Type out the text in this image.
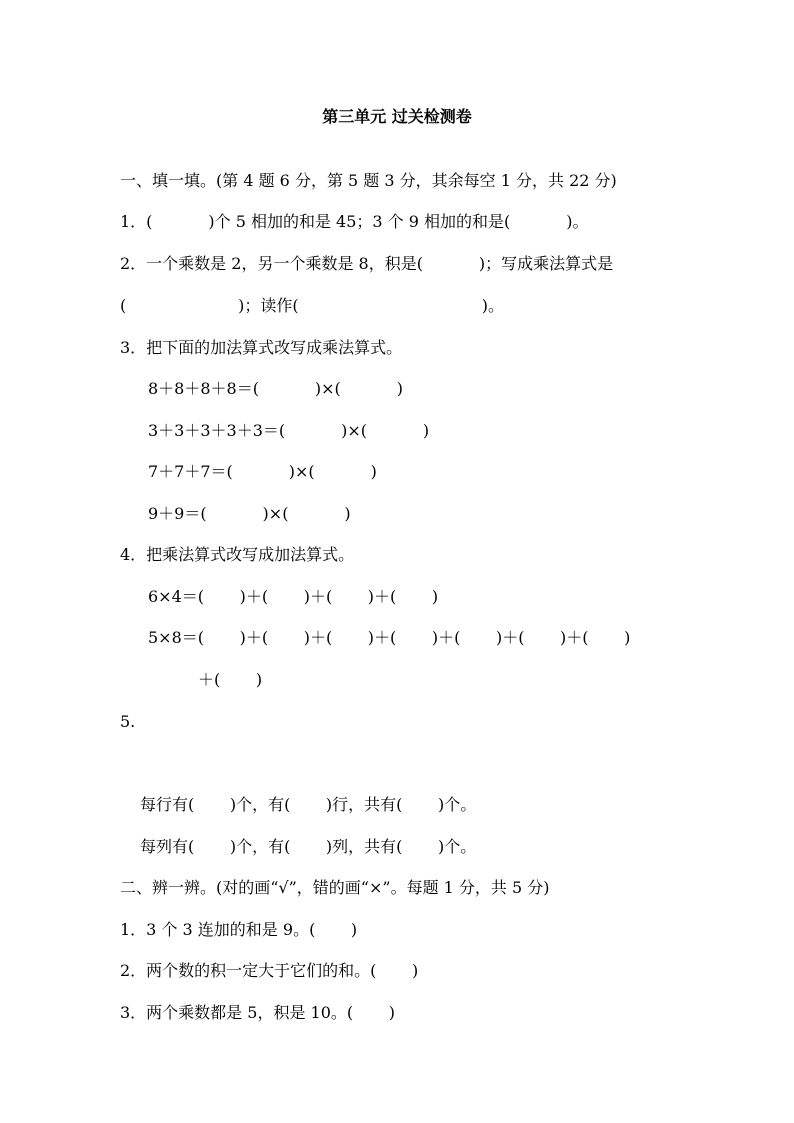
第三单元 过关检测卷
一、填一填。(第 4 题 6 分，第 5 题 3 分，其余每空 1 分，共 22 分)
1．(           )个 5 相加的和是 45；3 个 9 相加的和是(           )。
2．一个乘数是 2，另一个乘数是 8，积是(           )；写成乘法算式是
(                      )；读作(                                    )。
3．把下面的加法算式改写成乘法算式。
8＋8＋8＋8＝(           )×(           )
3＋3＋3＋3＋3＝(           )×(           )
7＋7＋7＝(           )×(           )
9＋9＝(           )×(           )
4．把乘法算式改写成加法算式。
6×4＝(       )＋(       )＋(       )＋(       )
5×8＝(       )＋(       )＋(       )＋(       )＋(       )＋(       )＋(       )
＋(       )
5.
每行有(       )个，有(       )行，共有(       )个。
每列有(       )个，有(       )列，共有(       )个。
二、辨一辨。(对的画“√”，错的画“×”。每题 1 分，共 5 分)
1．3 个 3 连加的和是 9。(       )
2．两个数的积一定大于它们的和。(       )
3．两个乘数都是 5，积是 10。(       )
